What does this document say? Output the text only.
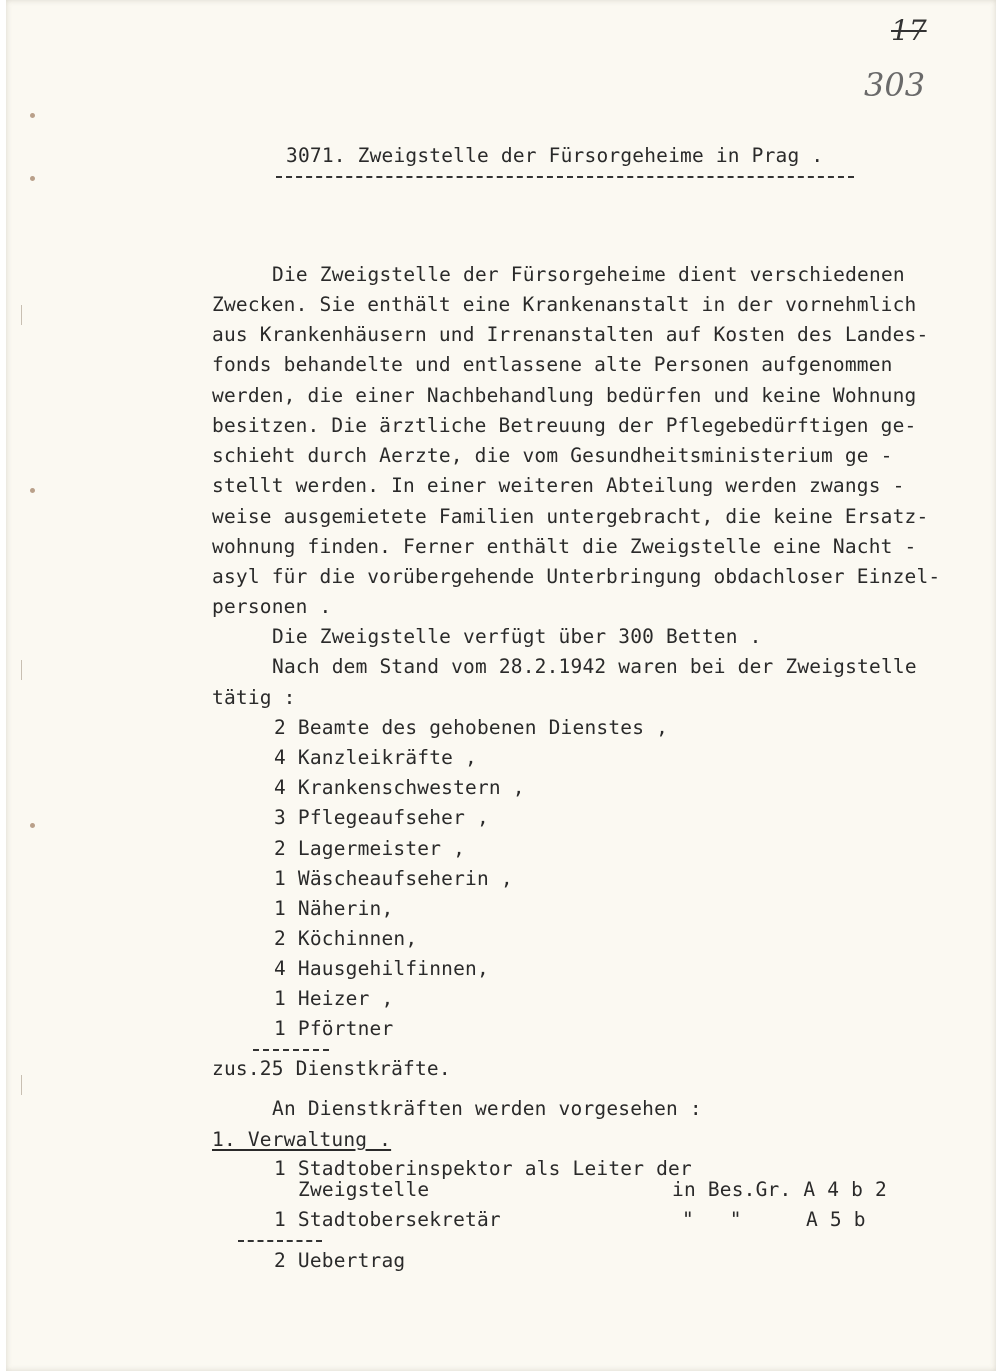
17
303
3071. Zweigstelle der Fürsorgeheime in Prag .
Die Zweigstelle der Fürsorgeheime dient verschiedenen
Zwecken. Sie enthält eine Krankenanstalt in der vornehmlich
aus Krankenhäusern und Irrenanstalten auf Kosten des Landes-
fonds behandelte und entlassene alte Personen aufgenommen
werden, die einer Nachbehandlung bedürfen und keine Wohnung
besitzen. Die ärztliche Betreuung der Pflegebedürftigen ge-
schieht durch Aerzte, die vom Gesundheitsministerium ge -
stellt werden. In einer weiteren Abteilung werden zwangs -
weise ausgemietete Familien untergebracht, die keine Ersatz-
wohnung finden. Ferner enthält die Zweigstelle eine Nacht -
asyl für die vorübergehende Unterbringung obdachloser Einzel-
personen .
Die Zweigstelle verfügt über 300 Betten .
Nach dem Stand vom 28.2.1942 waren bei der Zweigstelle
tätig :
2 Beamte des gehobenen Dienstes ,
4 Kanzleikräfte ,
4 Krankenschwestern ,
3 Pflegeaufseher ,
2 Lagermeister ,
1 Wäscheaufseherin ,
1 Näherin,
2 Köchinnen,
4 Hausgehilfinnen,
1 Heizer ,
1 Pförtner
zus.25 Dienstkräfte.
An Dienstkräften werden vorgesehen :
1. Verwaltung .
1 Stadtoberinspektor als Leiter der
Zweigstelle	in Bes.Gr. A 4 b 2
1 Stadtobersekretär	"   "	A 5 b
2 Uebertrag
